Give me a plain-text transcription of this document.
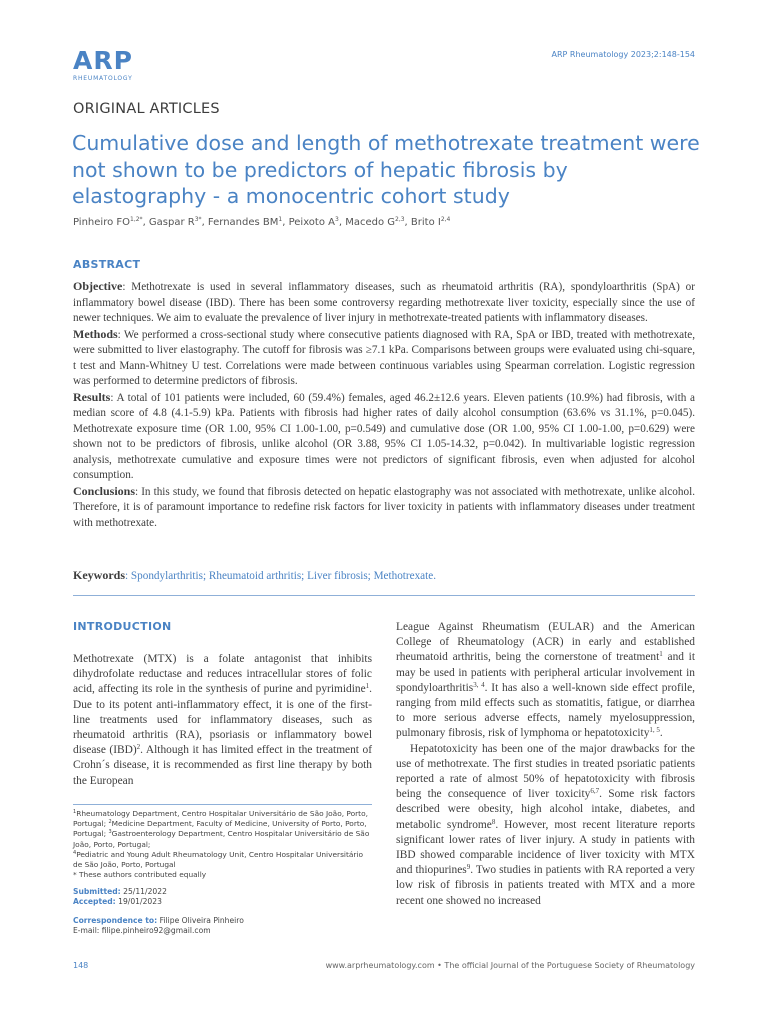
ARP
RHEUMATOLOGY
ARP Rheumatology 2023;2:148-154
ORIGINAL ARTICLES
Cumulative dose and length of methotrexate treatment were not shown to be predictors of hepatic fibrosis by elastography - a monocentric cohort study
Pinheiro $FO^{1,2*}$, Gaspar $R^{3*}$, Fernandes $BM^1$, Peixoto $A^3$, Macedo G$^{2,3}$, Brito I$^{2,4}$
ABSTRACT

Objective: Methotrexate is used in several inflammatory diseases, such as rheumatoid arthritis (RA), spondyloarthritis (SpA) or inflammatory bowel disease (IBD). There has been some controversy regarding methotrexate liver toxicity, especially since the use of newer techniques. We aim to evaluate the prevalence of liver injury in methotrexate-treated patients with inflammatory diseases.

Methods: We performed a cross-sectional study where consecutive patients diagnosed with RA, SpA or IBD, treated with methotrexate, were submitted to liver elastography. The cutoff for fibrosis was ≥7.1 kPa. Comparisons between groups were evaluated using chi-square, t test and Mann-Whitney U test. Correlations were made between continuous variables using Spearman correlation. Logistic regression was performed to determine predictors of fibrosis.

Results: A total of 101 patients were included, 60 (59.4%) females, aged 46.2±12.6 years. Eleven patients (10.9%) had fibrosis, with a median score of 4.8 (4.1-5.9) kPa. Patients with fibrosis had higher rates of daily alcohol consumption (63.6% vs 31.1%, p=0.045). Methotrexate exposure time (OR 1.00, 95% CI 1.00-1.00, p=0.549) and cumulative dose (OR 1.00, 95% CI 1.00-1.00, p=0.629) were shown not to be predictors of fibrosis, unlike alcohol (OR 3.88, 95% CI 1.05-14.32, p=0.042). In multivariable logistic regression analysis, methotrexate cumulative and exposure times were not predictors of significant fibrosis, even when adjusted for alcohol consumption.

Conclusions: In this study, we found that fibrosis detected on hepatic elastography was not associated with methotrexate, unlike alcohol. Therefore, it is of paramount importance to redefine risk factors for liver toxicity in patients with inflammatory diseases under treatment with methotrexate.

Keywords: Spondylarthritis; Rheumatoid arthritis; Liver fibrosis; Methotrexate.
INTRODUCTION

Methotrexate (MTX) is a folate antagonist that inhibits dihydrofolate reductase and reduces intracellular stores of folic acid, affecting its role in the synthesis of purine and pyrimidine$^1$. Due to its potent anti-inflammatory effect, it is one of the first-line treatments used for inflammatory diseases, such as rheumatoid arthritis (RA), psoriasis or inflammatory bowel disease (IBD)$^2$. Although it has limited effect in the treatment of Crohn´s disease, it is recommended as first line therapy by both the European

League Against Rheumatism (EULAR) and the American College of Rheumatology (ACR) in early and established rheumatoid arthritis, being the cornerstone of treatment$^1$ and it may be used in patients with peripheral articular involvement in spondyloarthritis$^{3, 4}$. It has also a well-known side effect profile, ranging from mild effects such as stomatitis, fatigue, or diarrhea to more serious adverse effects, namely myelosuppression, pulmonary fibrosis, risk of lymphoma or hepatotoxicity$^{1, 5}$.

Hepatotoxicity has been one of the major drawbacks for the use of methotrexate. The first studies in treated psoriatic patients reported a rate of almost 50% of hepatotoxicity with fibrosis being the consequence of liver toxicity$^{6,7}$. Some risk factors described were obesity, high alcohol intake, diabetes, and metabolic syndrome$^8$. However, most recent literature reports significant lower rates of liver injury. A study in patients with IBD showed comparable incidence of liver toxicity with MTX and thiopurines$^9$. Two studies in patients with RA reported a very low risk of fibrosis in patients treated with MTX and a more recent one showed no increased

$^1$Rheumatology Department, Centro Hospitalar Universitário de São João, Porto, Portugal; $^2$Medicine Department, Faculty of Medicine, University of Porto, Porto, Portugal; $^3$Gastroenterology Department, Centro Hospitalar Universitário de São João, Porto, Portugal;
$^4$Pediatric and Young Adult Rheumatology Unit, Centro Hospitalar Universitário de São João, Porto, Portugal
* These authors contributed equally
Submitted: 25/11/2022
Accepted: 19/01/2023
Correspondence to: Filipe Oliveira Pinheiro
E-mail: filipe.pinheiro92@gmail.com
148	www.arprheumatology.com • The official Journal of the Portuguese Society of Rheumatology
